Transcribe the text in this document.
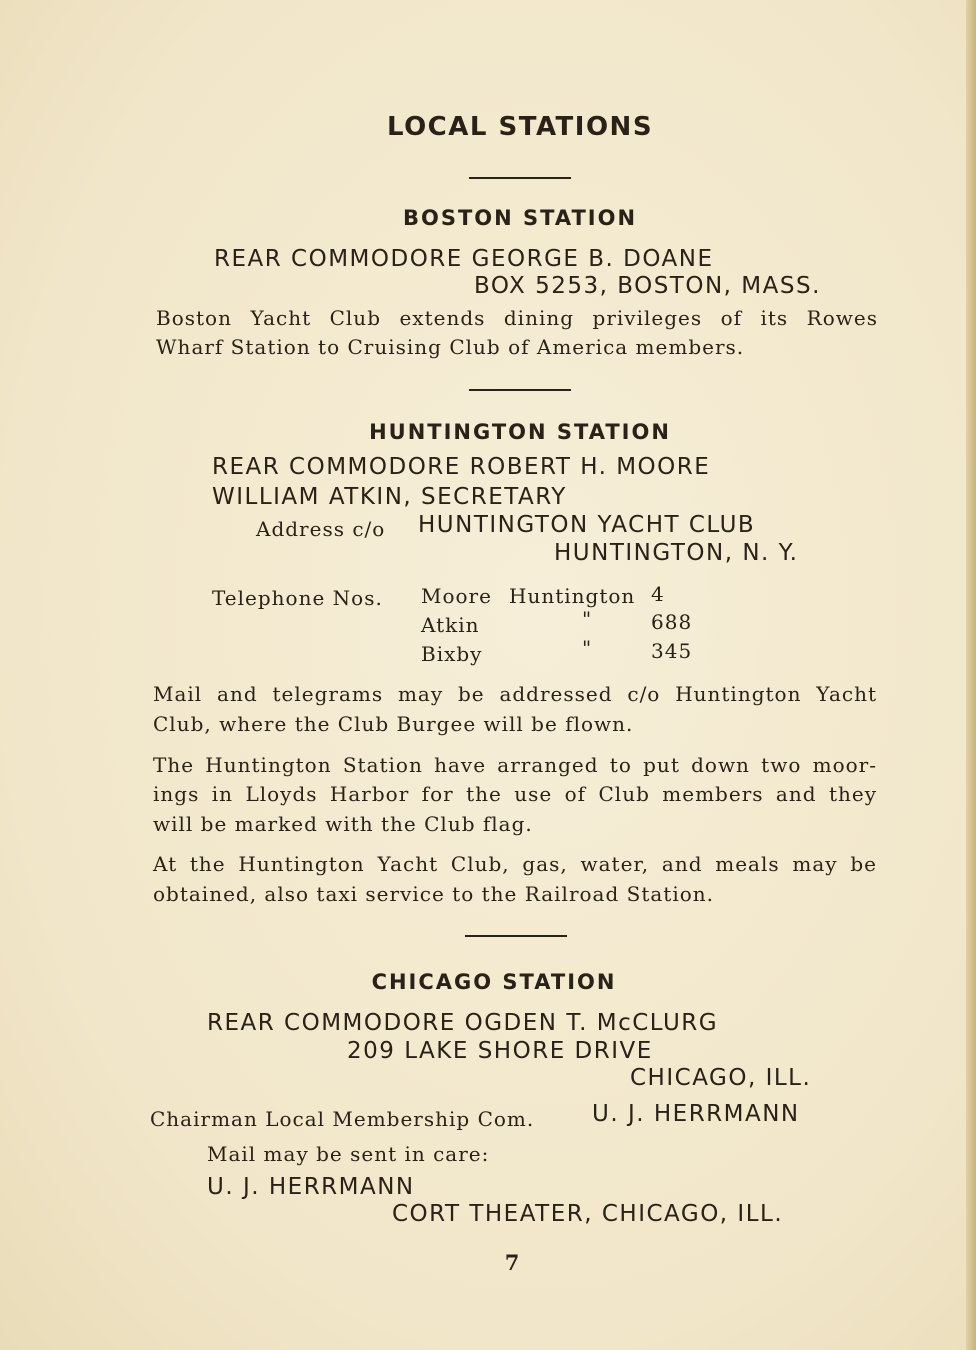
LOCAL STATIONS
BOSTON STATION
REAR COMMODORE GEORGE B. DOANE
BOX 5253, BOSTON, MASS.
Boston Yacht Club extends dining privileges of its Rowes
Wharf Station to Cruising Club of America members.
HUNTINGTON STATION
REAR COMMODORE ROBERT H. MOORE
WILLIAM ATKIN, SECRETARY
Address c/o HUNTINGTON YACHT CLUB
HUNTINGTON, N. Y.
Telephone Nos. Moore Huntington 4
Atkin	"	688
Bixby	"	345
Mail and telegrams may be addressed c/o Huntington Yacht
Club, where the Club Burgee will be flown.
The Huntington Station have arranged to put down two moor-
ings in Lloyds Harbor for the use of Club members and they
will be marked with the Club flag.
At the Huntington Yacht Club, gas, water, and meals may be
obtained, also taxi service to the Railroad Station.
CHICAGO STATION
REAR COMMODORE OGDEN T. McCLURG
209 LAKE SHORE DRIVE
CHICAGO, ILL.
Chairman Local Membership Com.	U. J. HERRMANN
Mail may be sent in care:
U. J. HERRMANN
CORT THEATER, CHICAGO, ILL.
7
